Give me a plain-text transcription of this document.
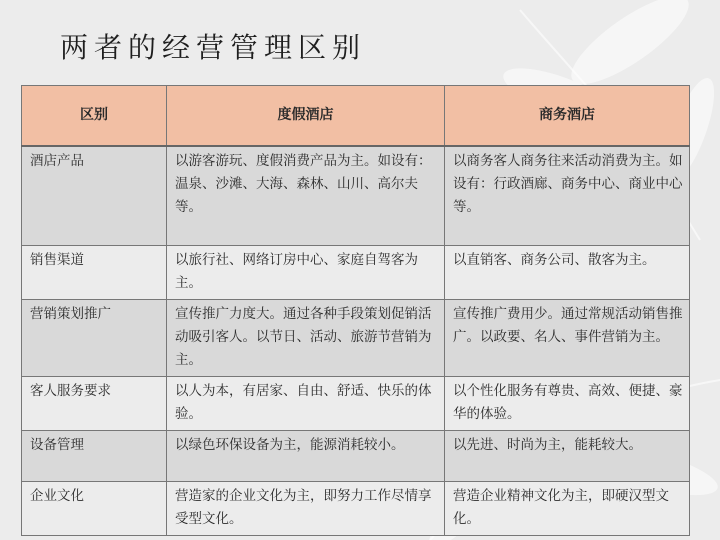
两者的经营管理区别
区别	度假酒店	商务酒店
酒店产品	以游客游玩、度假消费产品为主。如设有：温泉、沙滩、大海、森林、山川、高尔夫等。	以商务客人商务往来活动消费为主。如设有：行政酒廊、商务中心、商业中心等。
销售渠道	以旅行社、网络订房中心、家庭自驾客为主。	以直销客、商务公司、散客为主。
营销策划推广	宣传推广力度大。通过各种手段策划促销活动吸引客人。以节日、活动、旅游节营销为主。	宣传推广费用少。通过常规活动销售推广。以政要、名人、事件营销为主。
客人服务要求	以人为本，有居家、自由、舒适、快乐的体验。	以个性化服务有尊贵、高效、便捷、豪华的体验。
设备管理	以绿色环保设备为主，能源消耗较小。	以先进、时尚为主，能耗较大。
企业文化	营造家的企业文化为主，即努力工作尽情享受型文化。	营造企业精神文化为主，即硬汉型文化。
